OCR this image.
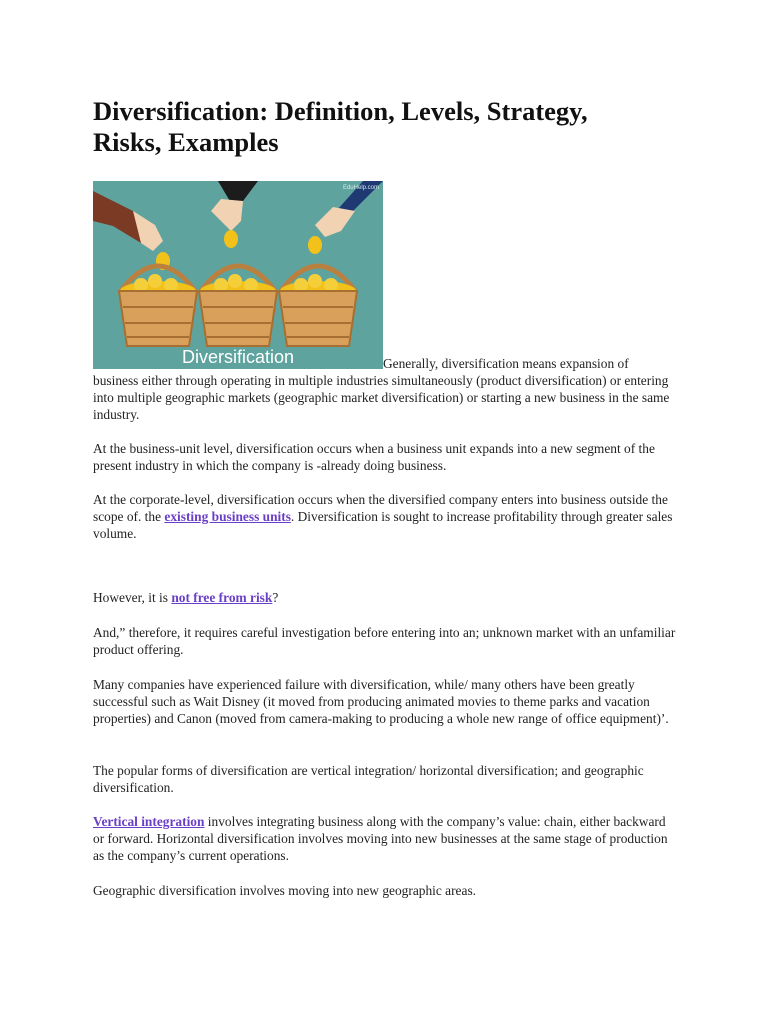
Diversification: Definition, Levels, Strategy, Risks, Examples
Diversification
EduHelp.com
Generally, diversification means expansion of
business either through operating in multiple industries simultaneously (product diversification) or entering into multiple geographic markets (geographic market diversification) or starting a new business in the same industry.

At the business-unit level, diversification occurs when a business unit expands into a new segment of the present industry in which the company is -already doing business.

At the corporate-level, diversification occurs when the diversified company enters into business outside the scope of. the existing business units. Diversification is sought to increase profitability through greater sales volume.

However, it is not free from risk?

And,” therefore, it requires careful investigation before entering into an; unknown market with an unfamiliar product offering.

Many companies have experienced failure with diversification, while/ many others have been greatly successful such as Wait Disney (it moved from producing animated movies to theme parks and vacation properties) and Canon (moved from camera-making to producing a whole new range of office equipment)’.

The popular forms of diversification are vertical integration/ horizontal diversification; and geographic diversification.

Vertical integration involves integrating business along with the company’s value: chain, either backward or forward. Horizontal diversification involves moving into new businesses at the same stage of production as the company’s current operations.

Geographic diversification involves moving into new geographic areas.
